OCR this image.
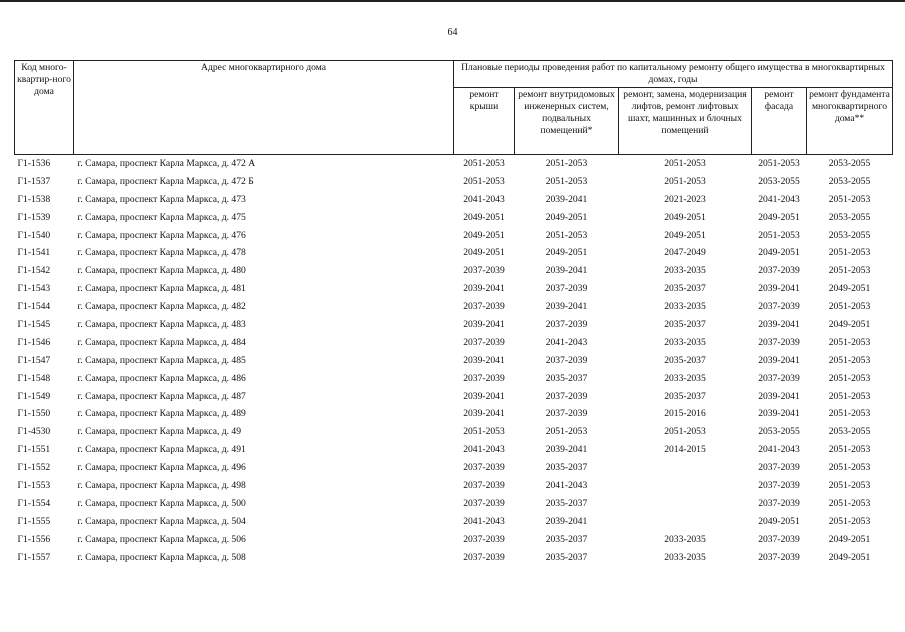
64
Код много-квартир-ного дома	Адрес многоквартирного дома	Плановые периоды проведения работ по капитальному ремонту общего имущества в многоквартирных домах, годы				
		ремонт крыши	ремонт внутридомовых инженерных систем, подвальных помещений*	ремонт, замена, модернизация лифтов, ремонт лифтовых шахт, машинных и блочных помещений	ремонт фасада	ремонт фундамента многоквартирного дома**
Г1-1536	г. Самара, проспект Карла Маркса, д. 472 А	2051-2053	2051-2053	2051-2053	2051-2053	2053-2055
Г1-1537	г. Самара, проспект Карла Маркса, д. 472 Б	2051-2053	2051-2053	2051-2053	2053-2055	2053-2055
Г1-1538	г. Самара, проспект Карла Маркса, д. 473	2041-2043	2039-2041	2021-2023	2041-2043	2051-2053
Г1-1539	г. Самара, проспект Карла Маркса, д. 475	2049-2051	2049-2051	2049-2051	2049-2051	2053-2055
Г1-1540	г. Самара, проспект Карла Маркса, д. 476	2049-2051	2051-2053	2049-2051	2051-2053	2053-2055
Г1-1541	г. Самара, проспект Карла Маркса, д. 478	2049-2051	2049-2051	2047-2049	2049-2051	2051-2053
Г1-1542	г. Самара, проспект Карла Маркса, д. 480	2037-2039	2039-2041	2033-2035	2037-2039	2051-2053
Г1-1543	г. Самара, проспект Карла Маркса, д. 481	2039-2041	2037-2039	2035-2037	2039-2041	2049-2051
Г1-1544	г. Самара, проспект Карла Маркса, д. 482	2037-2039	2039-2041	2033-2035	2037-2039	2051-2053
Г1-1545	г. Самара, проспект Карла Маркса, д. 483	2039-2041	2037-2039	2035-2037	2039-2041	2049-2051
Г1-1546	г. Самара, проспект Карла Маркса, д. 484	2037-2039	2041-2043	2033-2035	2037-2039	2051-2053
Г1-1547	г. Самара, проспект Карла Маркса, д. 485	2039-2041	2037-2039	2035-2037	2039-2041	2051-2053
Г1-1548	г. Самара, проспект Карла Маркса, д. 486	2037-2039	2035-2037	2033-2035	2037-2039	2051-2053
Г1-1549	г. Самара, проспект Карла Маркса, д. 487	2039-2041	2037-2039	2035-2037	2039-2041	2051-2053
Г1-1550	г. Самара, проспект Карла Маркса, д. 489	2039-2041	2037-2039	2015-2016	2039-2041	2051-2053
Г1-4530	г. Самара, проспект Карла Маркса, д. 49	2051-2053	2051-2053	2051-2053	2053-2055	2053-2055
Г1-1551	г. Самара, проспект Карла Маркса, д. 491	2041-2043	2039-2041	2014-2015	2041-2043	2051-2053
Г1-1552	г. Самара, проспект Карла Маркса, д. 496	2037-2039	2035-2037		2037-2039	2051-2053
Г1-1553	г. Самара, проспект Карла Маркса, д. 498	2037-2039	2041-2043		2037-2039	2051-2053
Г1-1554	г. Самара, проспект Карла Маркса, д. 500	2037-2039	2035-2037		2037-2039	2051-2053
Г1-1555	г. Самара, проспект Карла Маркса, д. 504	2041-2043	2039-2041		2049-2051	2051-2053
Г1-1556	г. Самара, проспект Карла Маркса, д. 506	2037-2039	2035-2037	2033-2035	2037-2039	2049-2051
Г1-1557	г. Самара, проспект Карла Маркса, д. 508	2037-2039	2035-2037	2033-2035	2037-2039	2049-2051
